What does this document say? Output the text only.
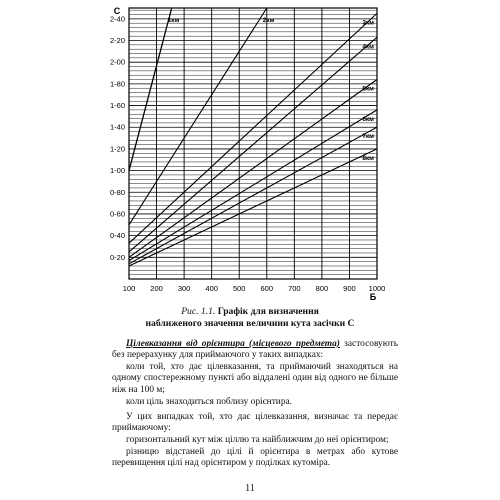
1км	2км	3км
4км
5км
6км
7км
8км
0-20
0-40
0-60
0-80
1-00
1-20
1-40
1-60
1-80
2-00
2-20
2-40
100 200 300 400 500 600 700 800 900 1000
С
Б
Рис. 1.1. Графік для визначення
наближеного значення величини кута засічки С
Цілевказання від орієнтира (місцевого предмета) застосовують без перерахунку для приймаючого у таких випадках:
коли той, хто дає цілевказання, та приймаючий знаходяться на одному спостережному пункті або віддалені один від одного не більше ніж на 100 м;
коли ціль знаходиться поблизу орієнтира.
У цих випадках той, хто дає цілевказання, визначає та передає приймаючому:
горизонтальний кут між ціллю та найближчим до неї орієнтиром;
різницю відстаней до цілі й орієнтира в метрах або кутове перевищення цілі над орієнтиром у поділках кутоміра.
11
